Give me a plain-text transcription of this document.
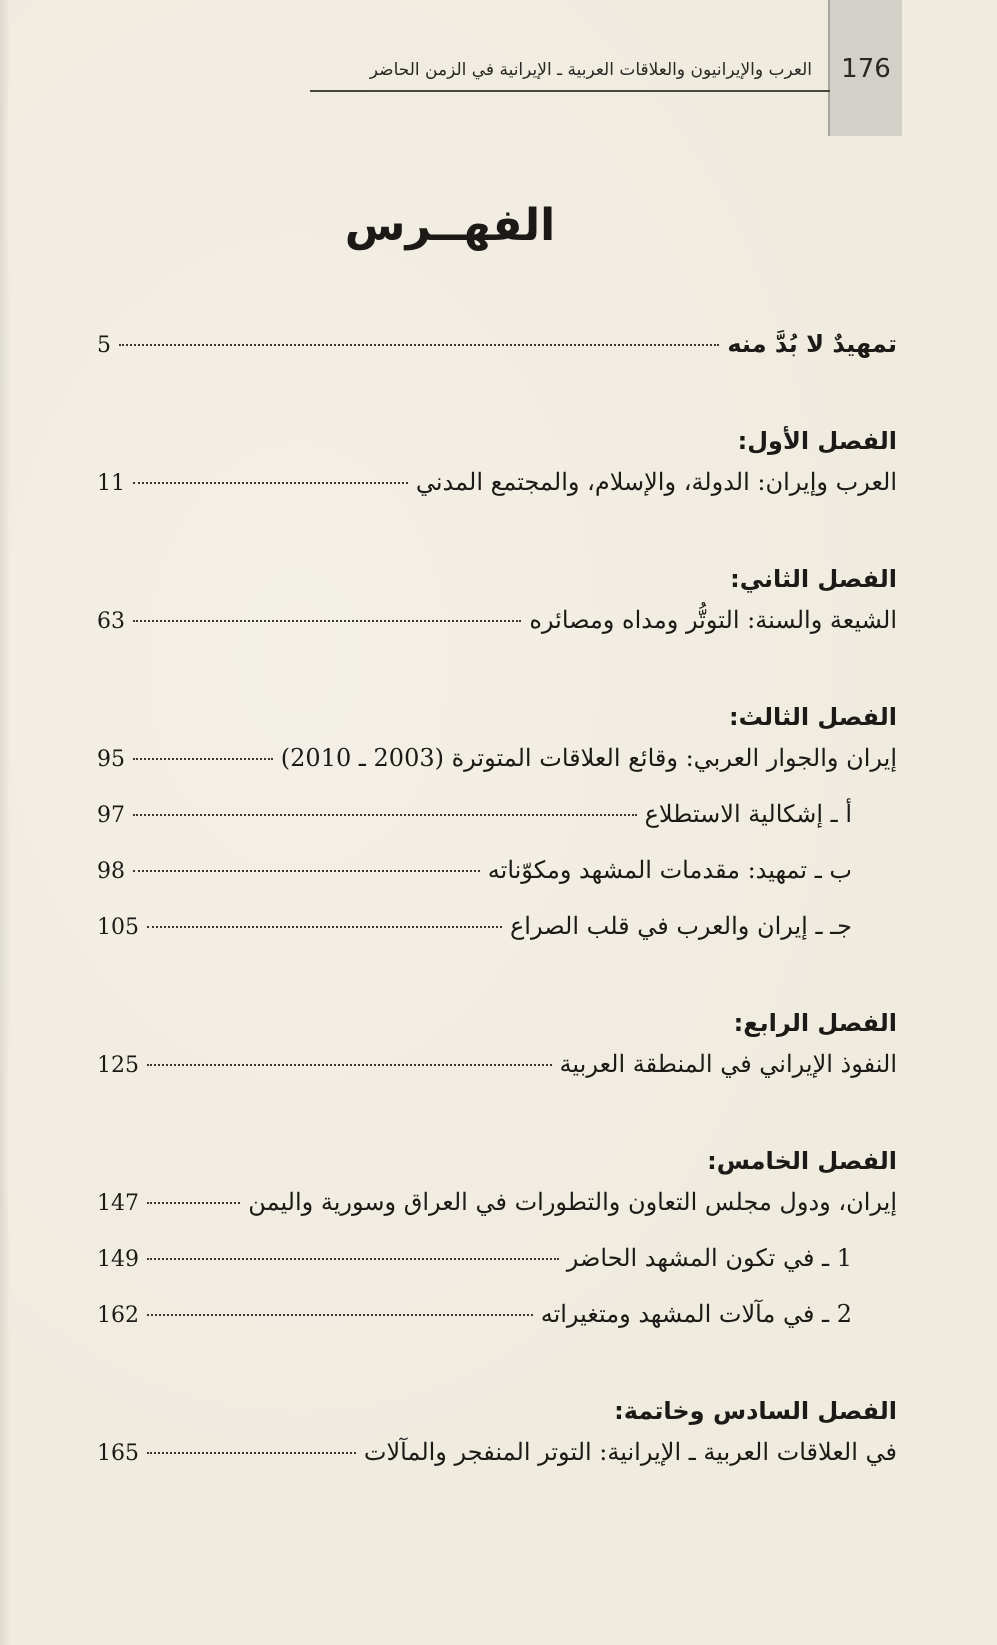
176
العرب والإيرانيون والعلاقات العربية ـ الإيرانية في الزمن الحاضر
الفهــرس
تمهيدٌ لا بُدَّ منه
5
الفصل الأول:
العرب وإيران: الدولة، والإسلام، والمجتمع المدني
11
الفصل الثاني:
الشيعة والسنة: التوتُّر ومداه ومصائره
63
الفصل الثالث:
إيران والجوار العربي: وقائع العلاقات المتوترة (2003 ـ 2010)
95
أ ـ إشكالية الاستطلاع
97
ب ـ تمهيد: مقدمات المشهد ومكوّناته
98
جـ ـ إيران والعرب في قلب الصراع
105
الفصل الرابع:
النفوذ الإيراني في المنطقة العربية
125
الفصل الخامس:
إيران، ودول مجلس التعاون والتطورات في العراق وسورية واليمن
147
1 ـ في تكون المشهد الحاضر
149
2 ـ في مآلات المشهد ومتغيراته
162
الفصل السادس وخاتمة:
في العلاقات العربية ـ الإيرانية: التوتر المنفجر والمآلات
165
